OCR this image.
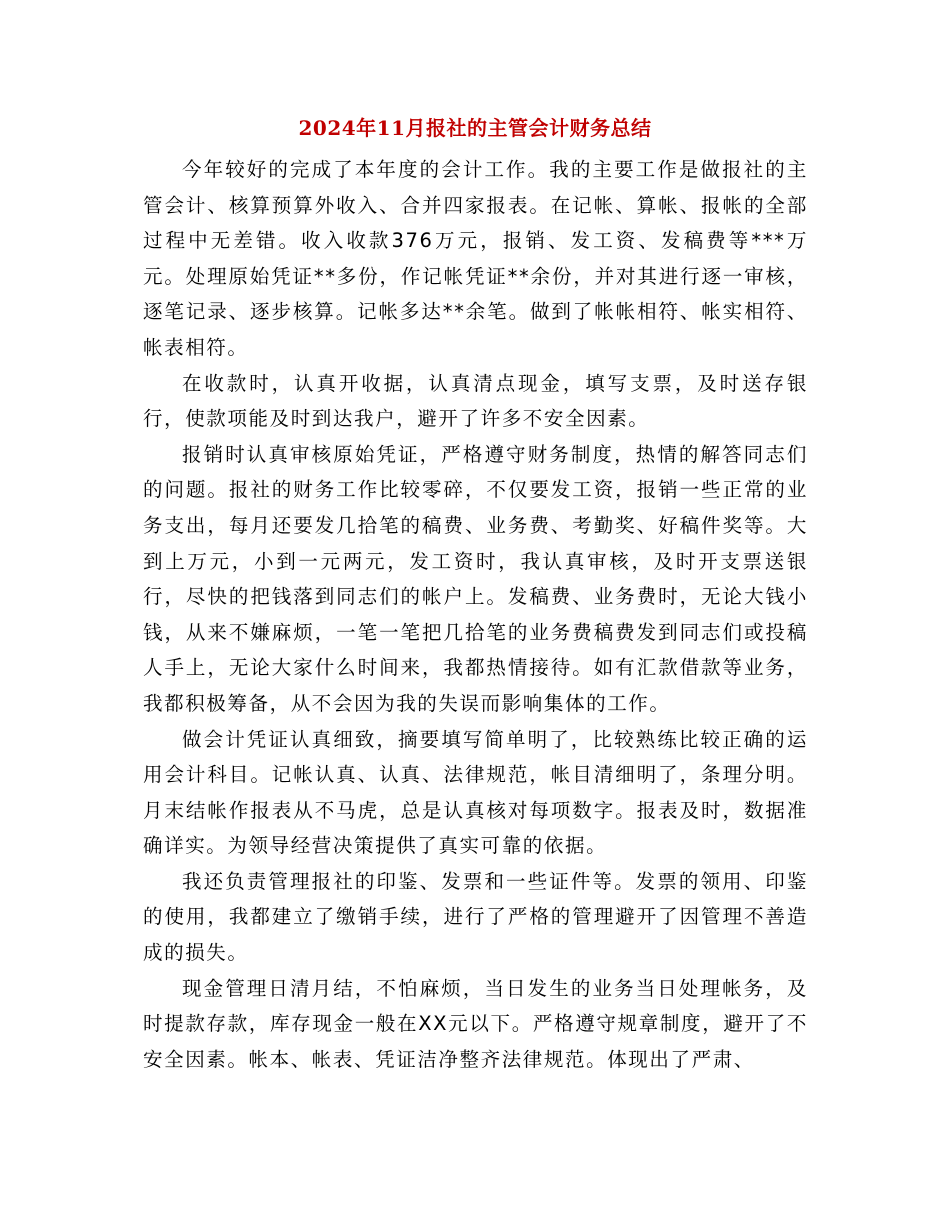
2024年11月报社的主管会计财务总结

今年较好的完成了本年度的会计工作。我的主要工作是做报社的主管会计、核算预算外收入、合并四家报表。在记帐、算帐、报帐的全部过程中无差错。收入收款376万元，报销、发工资、发稿费等***万元。处理原始凭证**多份，作记帐凭证**余份，并对其进行逐一审核，逐笔记录、逐步核算。记帐多达**余笔。做到了帐帐相符、帐实相符、帐表相符。

在收款时，认真开收据，认真清点现金，填写支票，及时送存银行，使款项能及时到达我户，避开了许多不安全因素。

报销时认真审核原始凭证，严格遵守财务制度，热情的解答同志们的问题。报社的财务工作比较零碎，不仅要发工资，报销一些正常的业务支出，每月还要发几拾笔的稿费、业务费、考勤奖、好稿件奖等。大到上万元，小到一元两元，发工资时，我认真审核，及时开支票送银行，尽快的把钱落到同志们的帐户上。发稿费、业务费时，无论大钱小钱，从来不嫌麻烦，一笔一笔把几拾笔的业务费稿费发到同志们或投稿人手上，无论大家什么时间来，我都热情接待。如有汇款借款等业务，我都积极筹备，从不会因为我的失误而影响集体的工作。

做会计凭证认真细致，摘要填写简单明了，比较熟练比较正确的运用会计科目。记帐认真、认真、法律规范，帐目清细明了，条理分明。月末结帐作报表从不马虎，总是认真核对每项数字。报表及时，数据准确详实。为领导经营决策提供了真实可靠的依据。

我还负责管理报社的印鉴、发票和一些证件等。发票的领用、印鉴的使用，我都建立了缴销手续，进行了严格的管理避开了因管理不善造成的损失。

现金管理日清月结，不怕麻烦，当日发生的业务当日处理帐务，及时提款存款，库存现金一般在XX元以下。严格遵守规章制度，避开了不安全因素。帐本、帐表、凭证洁净整齐法律规范。体现出了严肃、
